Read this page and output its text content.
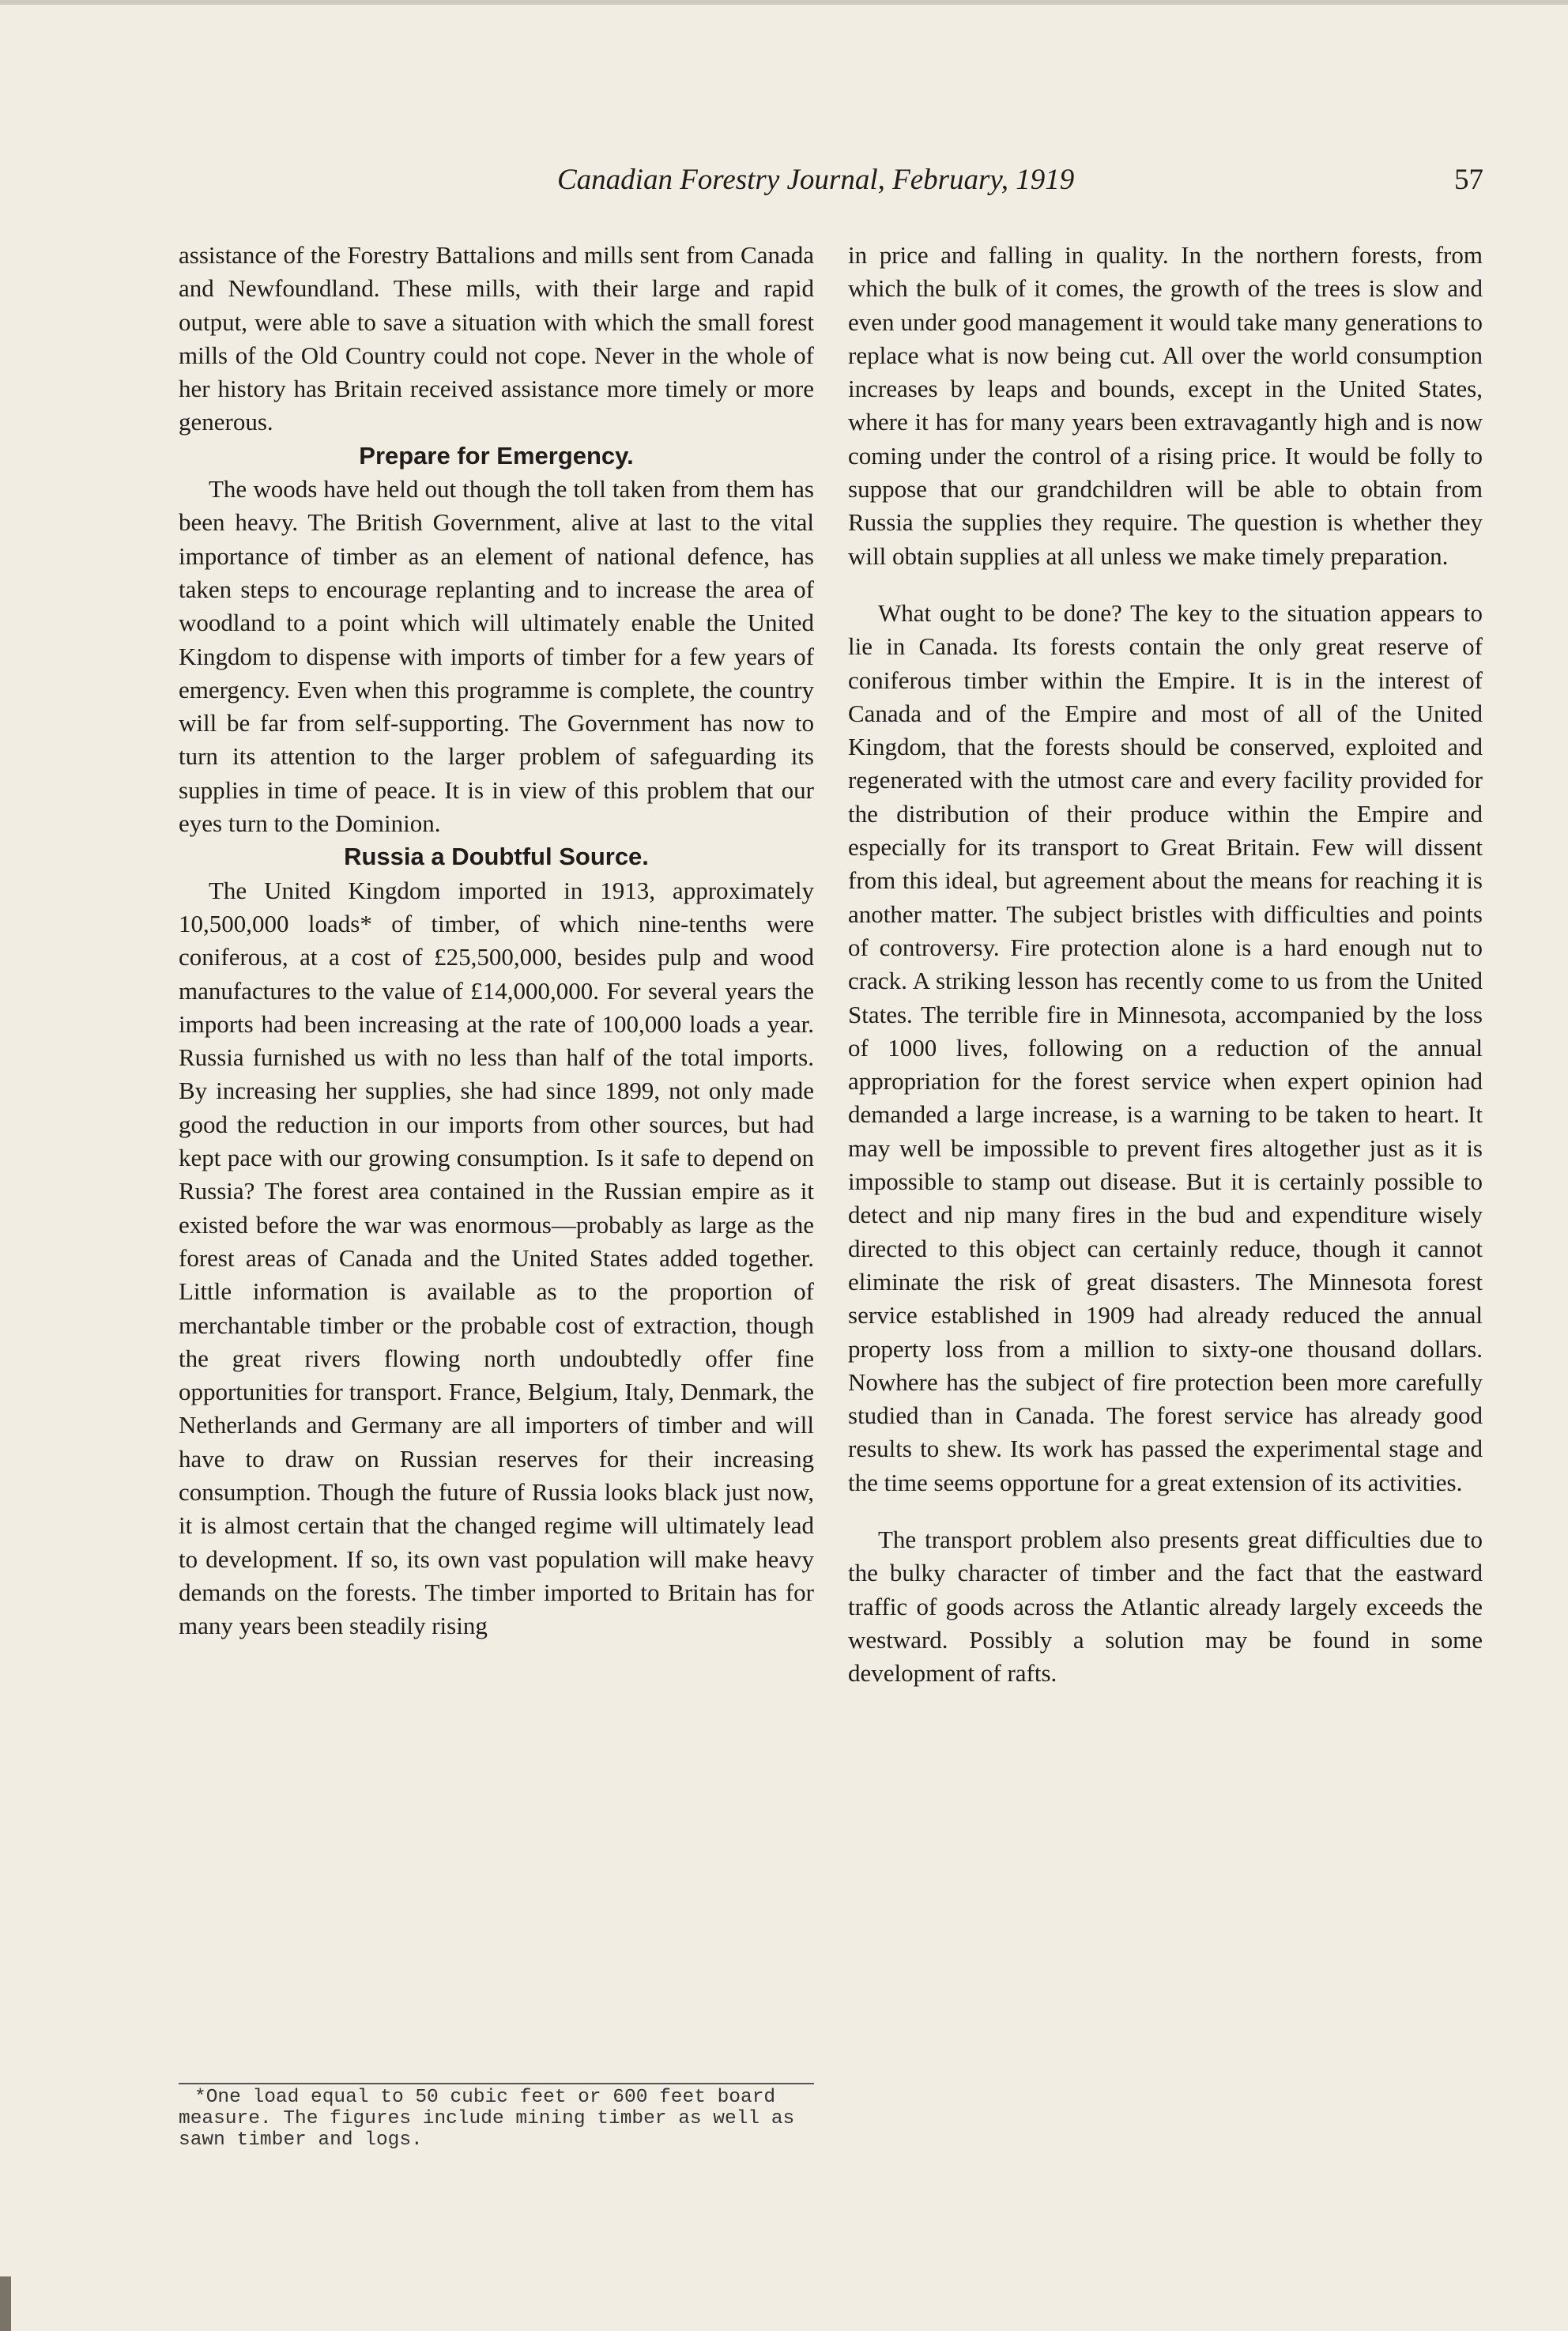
Canadian Forestry Journal, February, 1919	57

assistance of the Forestry Battalions and mills sent from Canada and Newfoundland. These mills, with their large and rapid output, were able to save a situation with which the small forest mills of the Old Country could not cope. Never in the whole of her history has Britain received assistance more timely or more generous.

Prepare for Emergency.

The woods have held out though the toll taken from them has been heavy. The British Government, alive at last to the vital importance of timber as an element of national defence, has taken steps to encourage replanting and to increase the area of woodland to a point which will ultimately enable the United Kingdom to dispense with imports of timber for a few years of emergency. Even when this programme is complete, the country will be far from self-supporting. The Government has now to turn its attention to the larger problem of safeguarding its supplies in time of peace. It is in view of this problem that our eyes turn to the Dominion.

Russia a Doubtful Source.

The United Kingdom imported in 1913, approximately 10,500,000 loads* of timber, of which nine-tenths were coniferous, at a cost of £25,500,000, besides pulp and wood manufactures to the value of £14,000,000. For several years the imports had been increasing at the rate of 100,000 loads a year. Russia furnished us with no less than half of the total imports. By increasing her supplies, she had since 1899, not only made good the reduction in our imports from other sources, but had kept pace with our growing consumption. Is it safe to depend on Russia? The forest area contained in the Russian empire as it existed before the war was enormous—probably as large as the forest areas of Canada and the United States added together. Little information is available as to the proportion of merchantable timber or the probable cost of extraction, though the great rivers flowing north undoubtedly offer fine opportunities for transport. France, Belgium, Italy, Denmark, the Netherlands and Germany are all importers of timber and will have to draw on Russian reserves for their increasing consumption. Though the future of Russia looks black just now, it is almost certain that the changed regime will ultimately lead to development. If so, its own vast population will make heavy demands on the forests. The timber imported to Britain has for many years been steadily rising

*One load equal to 50 cubic feet or 600 feet board
measure. The figures include mining timber as well as sawn timber and logs.

in price and falling in quality. In the northern forests, from which the bulk of it comes, the growth of the trees is slow and even under good management it would take many generations to replace what is now being cut. All over the world consumption increases by leaps and bounds, except in the United States, where it has for many years been extravagantly high and is now coming under the control of a rising price. It would be folly to suppose that our grandchildren will be able to obtain from Russia the supplies they require. The question is whether they will obtain supplies at all unless we make timely preparation.

What ought to be done? The key to the situation appears to lie in Canada. Its forests contain the only great reserve of coniferous timber within the Empire. It is in the interest of Canada and of the Empire and most of all of the United Kingdom, that the forests should be conserved, exploited and regenerated with the utmost care and every facility provided for the distribution of their produce within the Empire and especially for its transport to Great Britain. Few will dissent from this ideal, but agreement about the means for reaching it is another matter. The subject bristles with difficulties and points of controversy. Fire protection alone is a hard enough nut to crack. A striking lesson has recently come to us from the United States. The terrible fire in Minnesota, accompanied by the loss of 1000 lives, following on a reduction of the annual appropriation for the forest service when expert opinion had demanded a large increase, is a warning to be taken to heart. It may well be impossible to prevent fires altogether just as it is impossible to stamp out disease. But it is certainly possible to detect and nip many fires in the bud and expenditure wisely directed to this object can certainly reduce, though it cannot eliminate the risk of great disasters. The Minnesota forest service established in 1909 had already reduced the annual property loss from a million to sixty-one thousand dollars. Nowhere has the subject of fire protection been more carefully studied than in Canada. The forest service has already good results to shew. Its work has passed the experimental stage and the time seems opportune for a great extension of its activities.

The transport problem also presents great difficulties due to the bulky character of timber and the fact that the eastward traffic of goods across the Atlantic already largely exceeds the westward. Possibly a solution may be found in some development of rafts.
